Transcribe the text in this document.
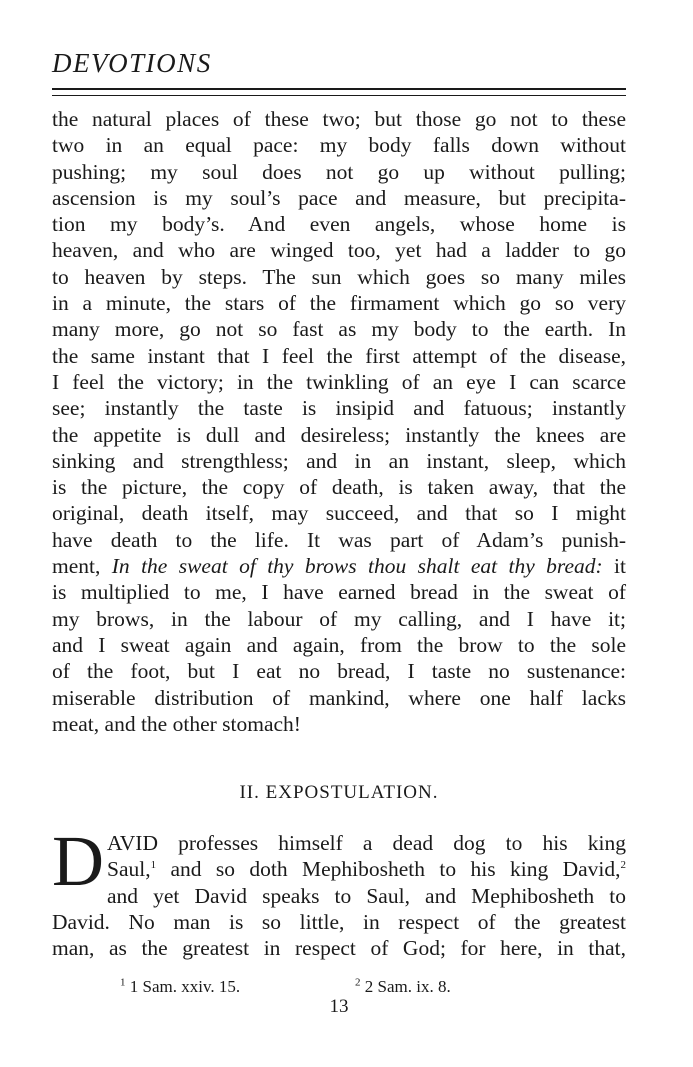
DEVOTIONS
the natural places of these two; but those go not to these
two in an equal pace: my body falls down without
pushing; my soul does not go up without pulling;
ascension is my soul’s pace and measure, but precipita-
tion my body’s. And even angels, whose home is
heaven, and who are winged too, yet had a ladder to go
to heaven by steps. The sun which goes so many miles
in a minute, the stars of the firmament which go so very
many more, go not so fast as my body to the earth. In
the same instant that I feel the first attempt of the disease,
I feel the victory; in the twinkling of an eye I can scarce
see; instantly the taste is insipid and fatuous; instantly
the appetite is dull and desireless; instantly the knees are
sinking and strengthless; and in an instant, sleep, which
is the picture, the copy of death, is taken away, that the
original, death itself, may succeed, and that so I might
have death to the life. It was part of Adam’s punish-
ment, In the sweat of thy brows thou shalt eat thy bread: it
is multiplied to me, I have earned bread in the sweat of
my brows, in the labour of my calling, and I have it;
and I sweat again and again, from the brow to the sole
of the foot, but I eat no bread, I taste no sustenance:
miserable distribution of mankind, where one half lacks
meat, and the other stomach!
II. EXPOSTULATION.
D AVID professes himself a dead dog to his king
Saul,$^1$ and so doth Mephibosheth to his king David,$^2$
and yet David speaks to Saul, and Mephibosheth to
David. No man is so little, in respect of the greatest
man, as the greatest in respect of God; for here, in that,
$^1$ 1 Sam. xxiv. 15.	$^2$ 2 Sam. ix. 8.
13
